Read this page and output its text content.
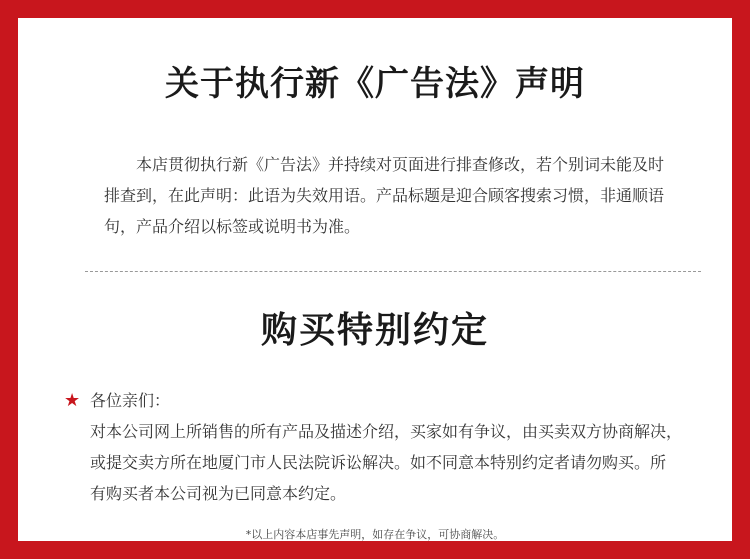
关于执行新《广告法》声明
本店贯彻执行新《广告法》并持续对页面进行排查修改，若个别词未能及时
排查到，在此声明：此语为失效用语。产品标题是迎合顾客搜索习惯，非通顺语
句，产品介绍以标签或说明书为准。
购买特别约定
★ 各位亲们：
对本公司网上所销售的所有产品及描述介绍，买家如有争议，由买卖双方协商解决，
或提交卖方所在地厦门市人民法院诉讼解决。如不同意本特别约定者请勿购买。所
有购买者本公司视为已同意本约定。
*以上内容本店事先声明，如存在争议，可协商解决。
